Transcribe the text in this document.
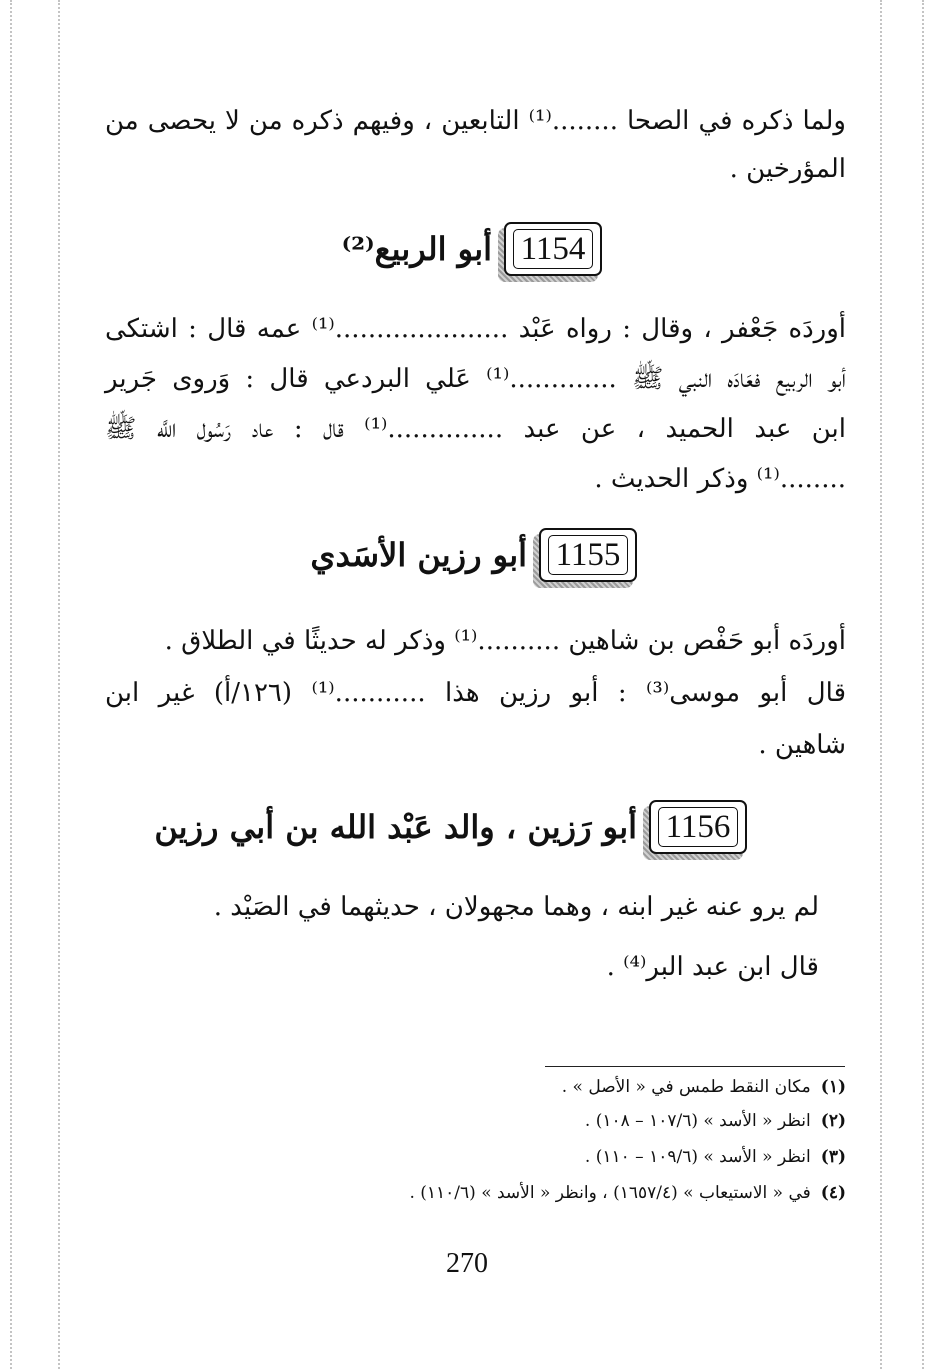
ولما ذكره في الصحا ........⁽¹⁾ التابعين ، وفيهم ذكره من لا يحصى من
المؤرخين .
1154
أبو الربيع⁽²⁾
أوردَه جَعْفر ، وقال : رواه عَبْد .....................⁽¹⁾ عمه قال : اشتكى
أبو الربيع فعَادَه النبي ﷺ .............⁽¹⁾ عَلي البردعي قال : وَروى جَرير
ابن عبد الحميد ، عن عبد ..............⁽¹⁾ قال : عاد رَسُول اللَّه ﷺ
........⁽¹⁾ وذكر الحديث .
1155
أبو رزين الأسَدي
أوردَه أبو حَفْص بن شاهين ..........⁽¹⁾ وذكر له حديثًا في الطلاق .
قال أبو موسى⁽³⁾ : أبو رزين هذا ...........⁽¹⁾ (١٢٦/أ) غير ابن
شاهين .
1156
أبو رَزين ، والد عَبْد الله بن أبي رزين
لم يرو عنه غير ابنه ، وهما مجهولان ، حديثهما في الصَيْد .
قال ابن عبد البر⁽⁴⁾ .
(١)مكان النقط طمس في « الأصل » .
(٢)انظر « الأسد » (١٠٧/٦ – ١٠٨) .
(٣)انظر « الأسد » (١٠٩/٦ – ١١٠) .
(٤)في « الاستيعاب » (١٦٥٧/٤) ، وانظر « الأسد » (١١٠/٦) .
270
